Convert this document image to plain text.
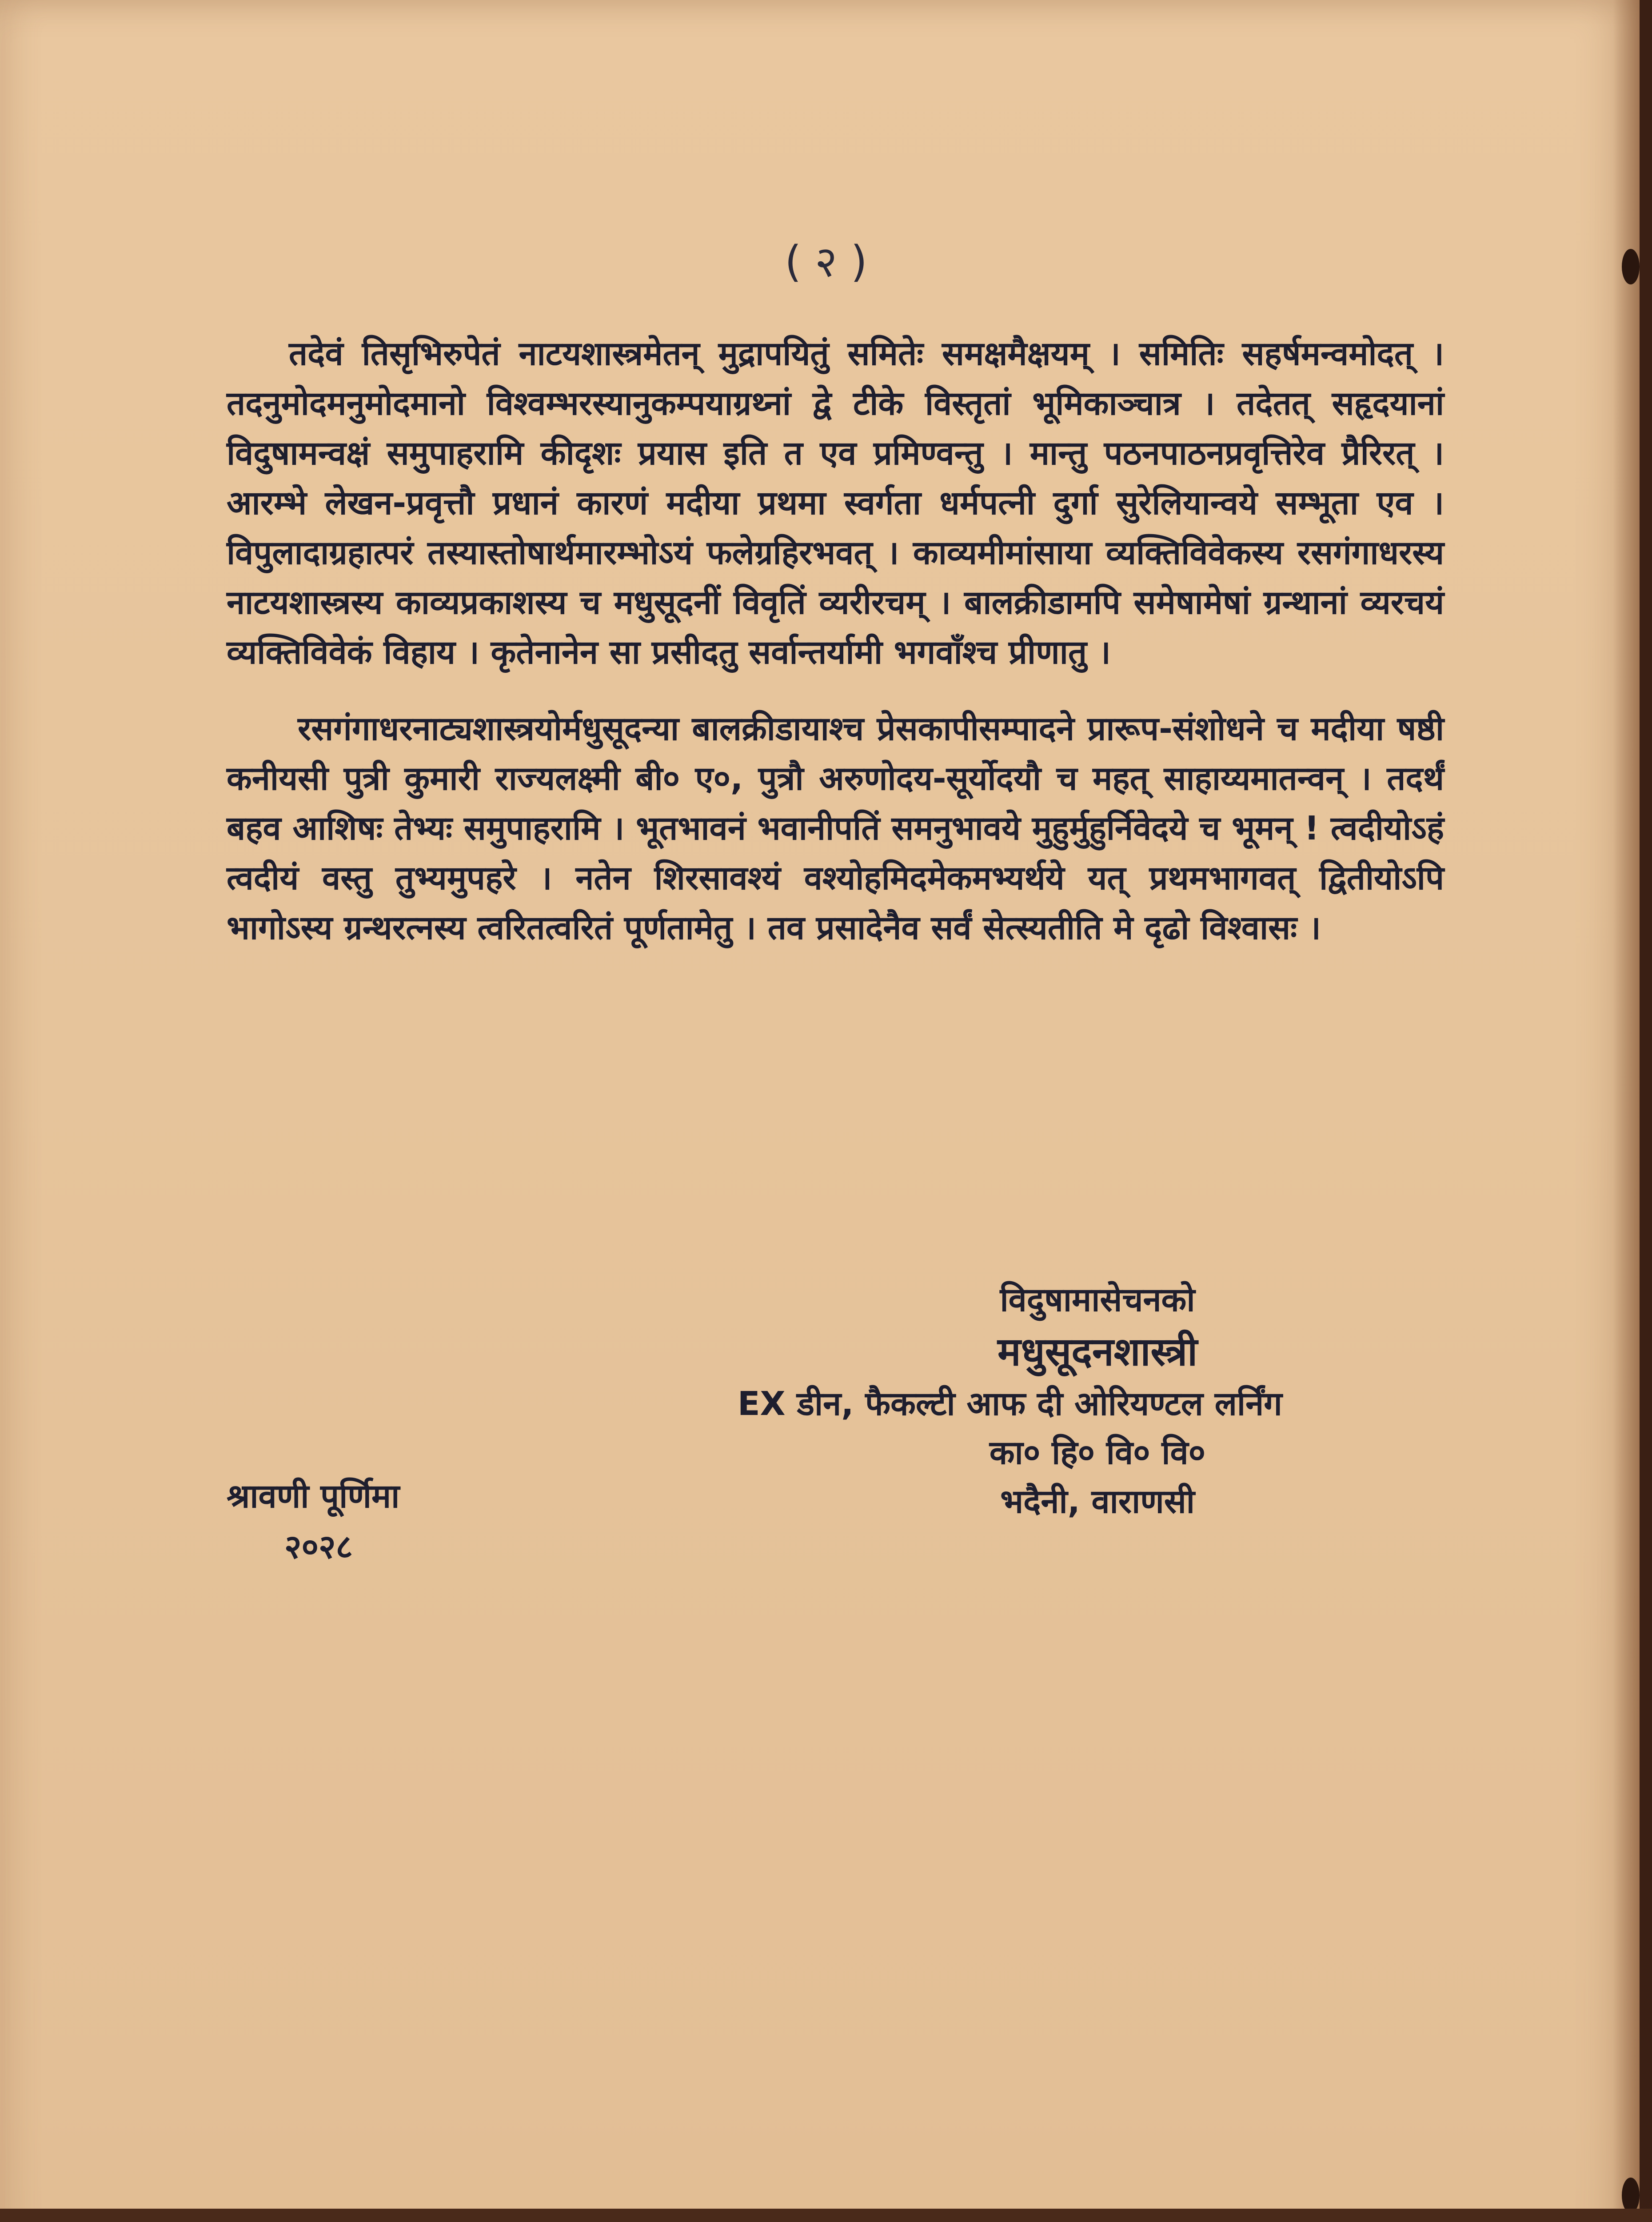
( २ )

तदेवं तिसृभिरुपेतं नाटयशास्त्रमेतन् मुद्रापयितुं समितेः समक्षमैक्षयम् । समितिः सहर्षमन्वमोदत् । तदनुमोदमनुमोदमानो विश्वम्भरस्यानुकम्पयाग्रथ्नां द्वे टीके विस्तृतां भूमिकाञ्चात्र । तदेतत् सहृदयानां विदुषामन्वक्षं समुपाहरामि कीदृशः प्रयास इति त एव प्रमिण्वन्तु । मान्तु पठनपाठनप्रवृत्तिरेव प्रैरिरत् । आरम्भे लेखन-प्रवृत्तौ प्रधानं कारणं मदीया प्रथमा स्वर्गता धर्मपत्नी दुर्गा सुरेलियान्वये सम्भूता एव । विपुलादाग्रहात्परं तस्यास्तोषार्थमारम्भोऽयं फलेग्रहिरभवत् । काव्यमीमांसाया व्यक्तिविवेकस्य रसगंगाधरस्य नाटयशास्त्रस्य काव्यप्रकाशस्य च मधुसूदनीं विवृतिं व्यरीरचम् । बालक्रीडामपि समेषामेषां ग्रन्थानां व्यरचयं व्यक्तिविवेकं विहाय । कृतेनानेन सा प्रसीदतु सर्वान्तर्यामी भगवाँश्च प्रीणातु ।

रसगंगाधरनाट्यशास्त्रयोर्मधुसूदन्या बालक्रीडायाश्च प्रेसकापीसम्पादने प्रारूप-संशोधने च मदीया षष्ठी कनीयसी पुत्री कुमारी राज्यलक्ष्मी बी० ए०, पुत्रौ अरुणोदय-सूर्योदयौ च महत् साहाय्यमातन्वन् । तदर्थं बहव आशिषः तेभ्यः समुपाहरामि । भूतभावनं भवानीपतिं समनुभावये मुहुर्मुहुर्निवेदये च भूमन् ! त्वदीयोऽहं त्वदीयं वस्तु तुभ्यमुपहरे । नतेन शिरसावश्यं वश्योहमिदमेकमभ्यर्थये यत् प्रथमभागवत् द्वितीयोऽपि भागोऽस्य ग्रन्थरत्नस्य त्वरितत्वरितं पूर्णतामेतु । तव प्रसादेनैव सर्वं सेत्स्यतीति मे दृढो विश्वासः ।

विदुषामासेचनको
मधुसूदनशास्त्री
EX डीन, फैकल्टी आफ दी ओरियण्टल लर्निंग
का० हि० वि० वि०
भदैनी, वाराणसी
श्रावणी पूर्णिमा
२०२८
